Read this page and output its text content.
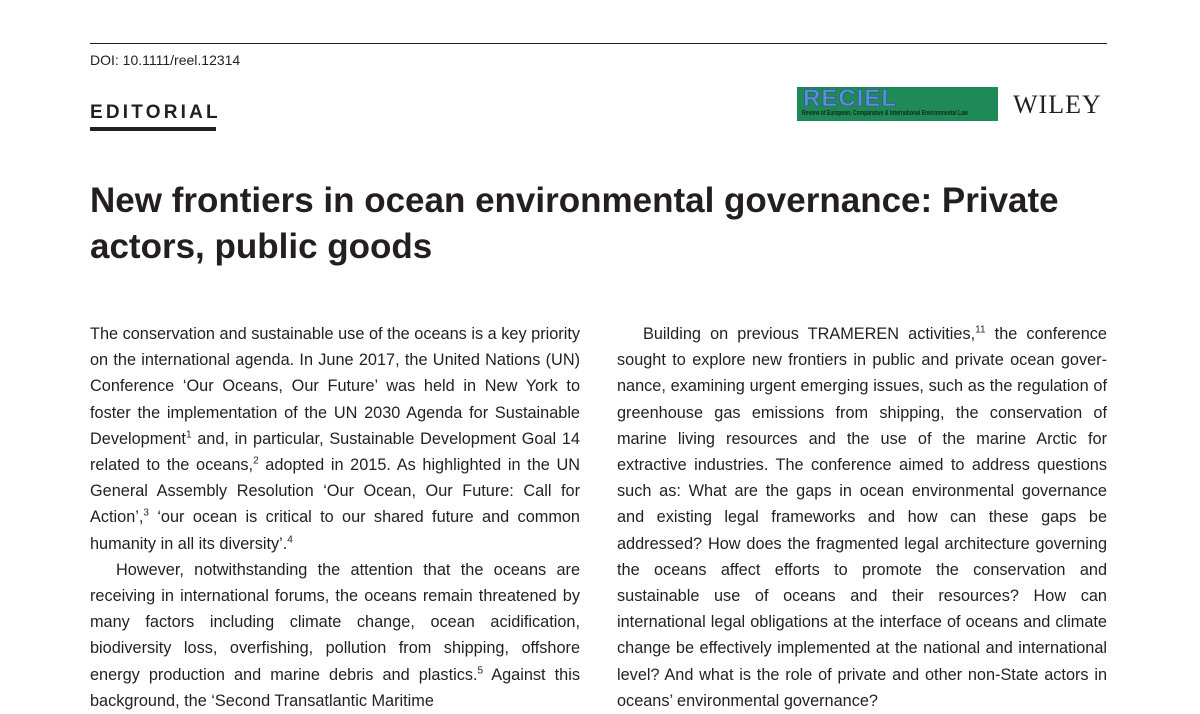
DOI: 10.1111/reel.12314
EDITORIAL
RECIEL
Review of European, Comparative & International Environmental Law WILEY
New frontiers in ocean environmental governance: Private actors, public goods

The conservation and sustainable use of the oceans is a key priority on the international agenda. In June 2017, the United Nations (UN) Conference ‘Our Oceans, Our Future’ was held in New York to foster the implementation of the UN 2030 Agenda for Sustainable Development$^1$ and, in particular, Sustainable Development Goal 14 related to the oceans,$^2$ adopted in 2015. As highlighted in the UN General Assembly Resolution ‘Our Ocean, Our Future: Call for Action’,$^3$ ‘our ocean is critical to our shared future and common humanity in all its diversity’.$^4$

However, notwithstanding the attention that the oceans are receiving in international forums, the oceans remain threatened by many factors including climate change, ocean acidification, biodiversity loss, overfishing, pollution from shipping, offshore energy production and marine debris and plastics.$^5$ Against this background, the ‘Second Transatlantic Maritime

Building on previous TRAMEREN activities,$^{11}$ the conference sought to explore new frontiers in public and private ocean governance, examining urgent emerging issues, such as the regulation of greenhouse gas emissions from shipping, the conservation of marine living resources and the use of the marine Arctic for extractive industries. The conference aimed to address questions such as: What are the gaps in ocean environmental governance and existing legal frameworks and how can these gaps be addressed? How does the fragmented legal architecture governing the oceans affect efforts to promote the conservation and sustainable use of oceans and their resources? How can international legal obligations at the interface of oceans and climate change be effectively implemented at the national and international level? And what is the role of private and other non-State actors in oceans’ environmental governance?
